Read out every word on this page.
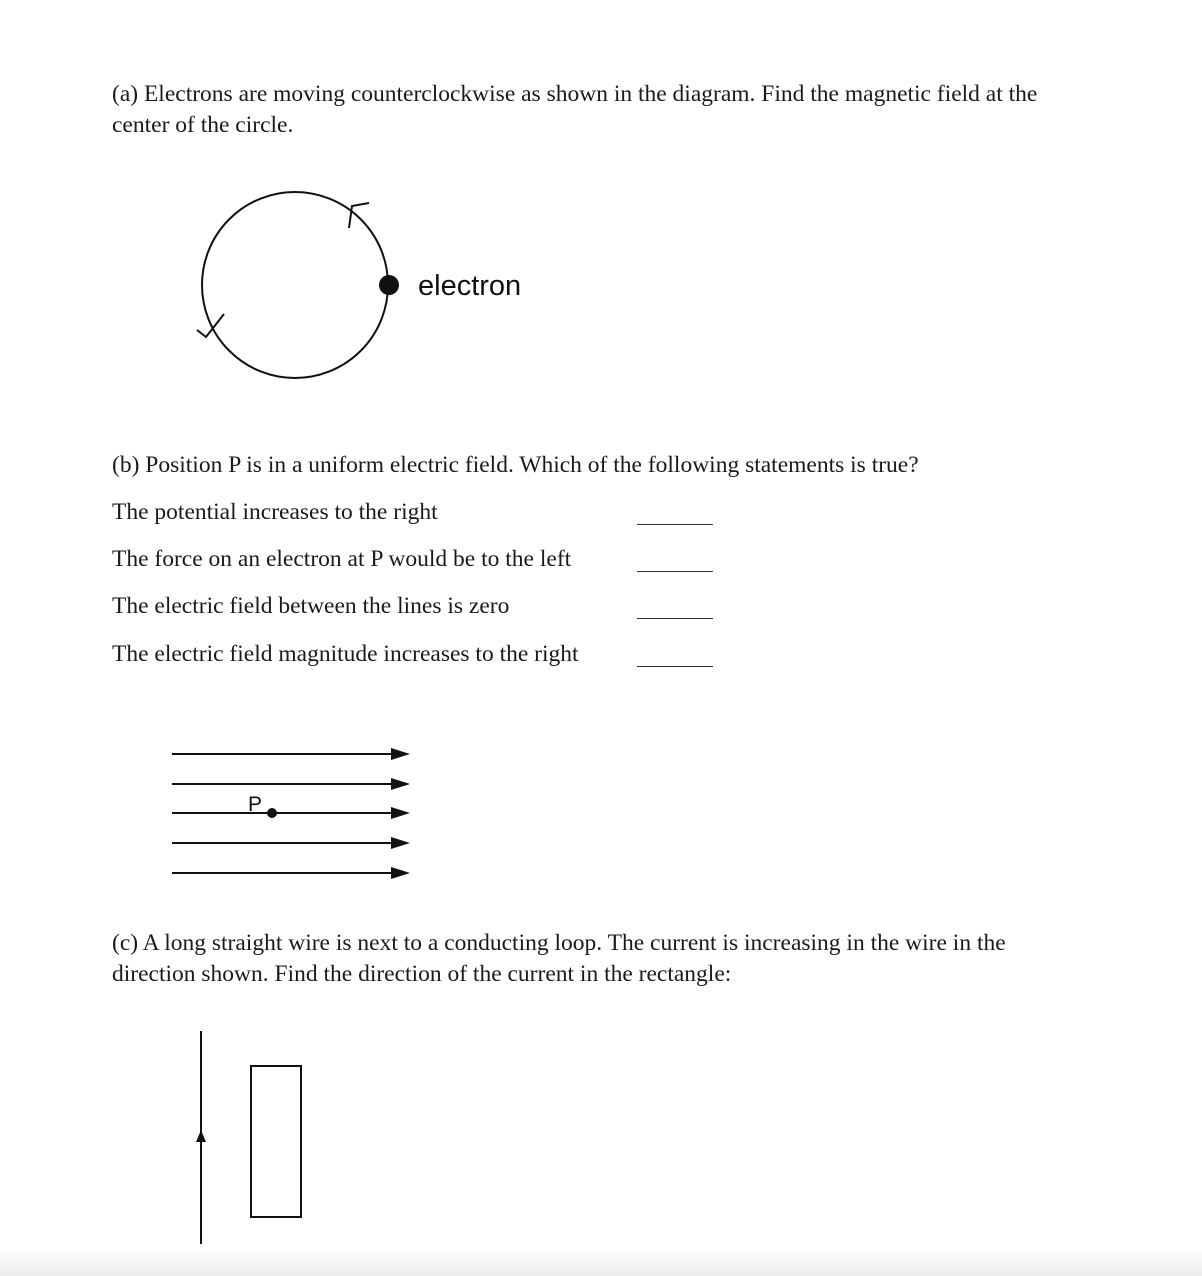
(a) Electrons are moving counterclockwise as shown in the diagram. Find the magnetic field at the center of the circle.

electron
P

(b) Position P is in a uniform electric field. Which of the following statements is true?

The potential increases to the right
The force on an electron at P would be to the left
The electric field between the lines is zero
The electric field magnitude increases to the right

(c) A long straight wire is next to a conducting loop. The current is increasing in the wire in the direction shown. Find the direction of the current in the rectangle:
